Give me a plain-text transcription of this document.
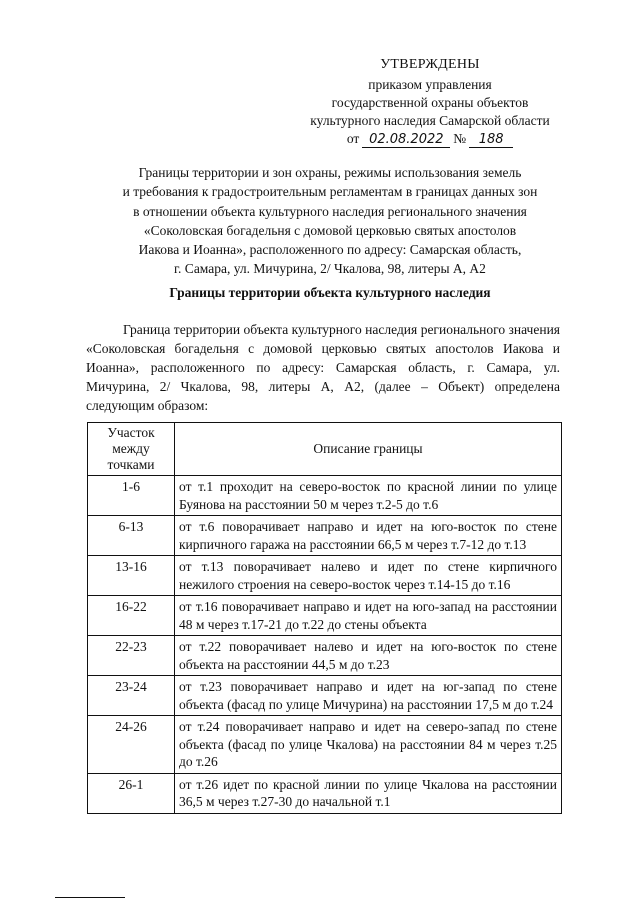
УТВЕРЖДЕНЫ
приказом управления
государственной охраны объектов
культурного наследия Самарской области
от 02.08.2022 № 188
Границы территории и зон охраны, режимы использования земель
и требования к градостроительным регламентам в границах данных зон
в отношении объекта культурного наследия регионального значения
«Соколовская богадельня с домовой церковью святых апостолов
Иакова и Иоанна», расположенного по адресу: Самарская область,
г. Самара, ул. Мичурина, 2/ Чкалова, 98, литеры А, А2
Границы территории объекта культурного наследия
Граница территории объекта культурного наследия регионального значения «Соколовская богадельня с домовой церковью святых апостолов Иакова и Иоанна», расположенного по адресу: Самарская область, г. Самара, ул. Мичурина, 2/ Чкалова, 98, литеры А, А2, (далее – Объект) определена следующим образом:
Участок между точками	Описание границы
1-6	от т.1 проходит на северо-восток по красной линии по улице Буянова на расстоянии 50 м через т.2-5 до т.6
6-13	от т.6 поворачивает направо и идет на юго-восток по стене кирпичного гаража на расстоянии 66,5 м через т.7-12 до т.13
13-16	от т.13 поворачивает налево и идет по стене кирпичного нежилого строения на северо-восток через т.14-15 до т.16
16-22	от т.16 поворачивает направо и идет на юго-запад на расстоянии 48 м через т.17-21 до т.22 до стены объекта
22-23	от т.22 поворачивает налево и идет на юго-восток по стене объекта на расстоянии 44,5 м до т.23
23-24	от т.23 поворачивает направо и идет на юг-запад по стене объекта (фасад по улице Мичурина) на расстоянии 17,5 м до т.24
24-26	от т.24 поворачивает направо и идет на северо-запад по стене объекта (фасад по улице Чкалова) на расстоянии 84 м через т.25 до т.26
26-1	от т.26 идет по красной линии по улице Чкалова на расстоянии 36,5 м через т.27-30 до начальной т.1
